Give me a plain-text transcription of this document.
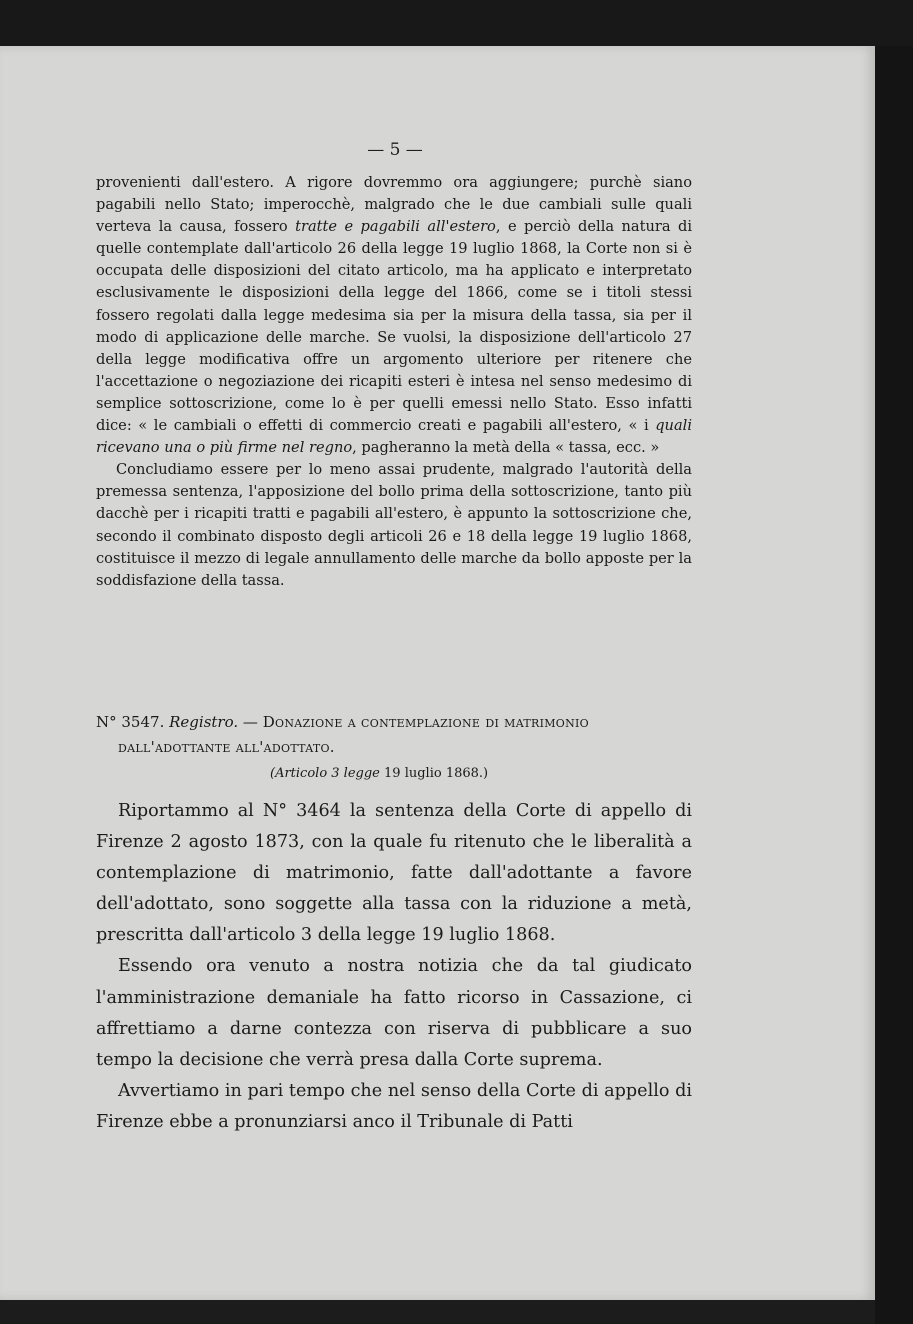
— 5 —

provenienti dall'estero. A rigore dovremmo ora aggiungere; purchè siano pagabili nello Stato; imperocchè, malgrado che le due cambiali sulle quali verteva la causa, fossero tratte e pagabili all'estero, e perciò della natura di quelle contemplate dall'articolo 26 della legge 19 luglio 1868, la Corte non si è occupata delle disposizioni del citato articolo, ma ha applicato e interpretato esclusivamente le disposizioni della legge del 1866, come se i titoli stessi fossero regolati dalla legge medesima sia per la misura della tassa, sia per il modo di applicazione delle marche. Se vuolsi, la disposizione dell'articolo 27 della legge modificativa offre un argomento ulteriore per ritenere che l'accettazione o negoziazione dei ricapiti esteri è intesa nel senso medesimo di semplice sottoscrizione, come lo è per quelli emessi nello Stato. Esso infatti dice: « le cambiali o effetti di commercio creati e pagabili all'estero, « i quali ricevano una o più firme nel regno, pagheranno la metà della « tassa, ecc. »

Concludiamo essere per lo meno assai prudente, malgrado l'autorità della premessa sentenza, l'apposizione del bollo prima della sottoscrizione, tanto più dacchè per i ricapiti tratti e pagabili all'estero, è appunto la sottoscrizione che, secondo il combinato disposto degli articoli 26 e 18 della legge 19 luglio 1868, costituisce il mezzo di legale annullamento delle marche da bollo apposte per la soddisfazione della tassa.

N° 3547. Registro. — Donazione a contemplazione di matrimonio
dall'adottante all'adottato.
(Articolo 3 legge 19 luglio 1868.)

Riportammo al N° 3464 la sentenza della Corte di appello di Firenze 2 agosto 1873, con la quale fu ritenuto che le liberalità a contemplazione di matrimonio, fatte dall'adottante a favore dell'adottato, sono soggette alla tassa con la riduzione a metà, prescritta dall'articolo 3 della legge 19 luglio 1868.

Essendo ora venuto a nostra notizia che da tal giudicato l'amministrazione demaniale ha fatto ricorso in Cassazione, ci affrettiamo a darne contezza con riserva di pubblicare a suo tempo la decisione che verrà presa dalla Corte suprema.

Avvertiamo in pari tempo che nel senso della Corte di appello di Firenze ebbe a pronunziarsi anco il Tribunale di Patti
